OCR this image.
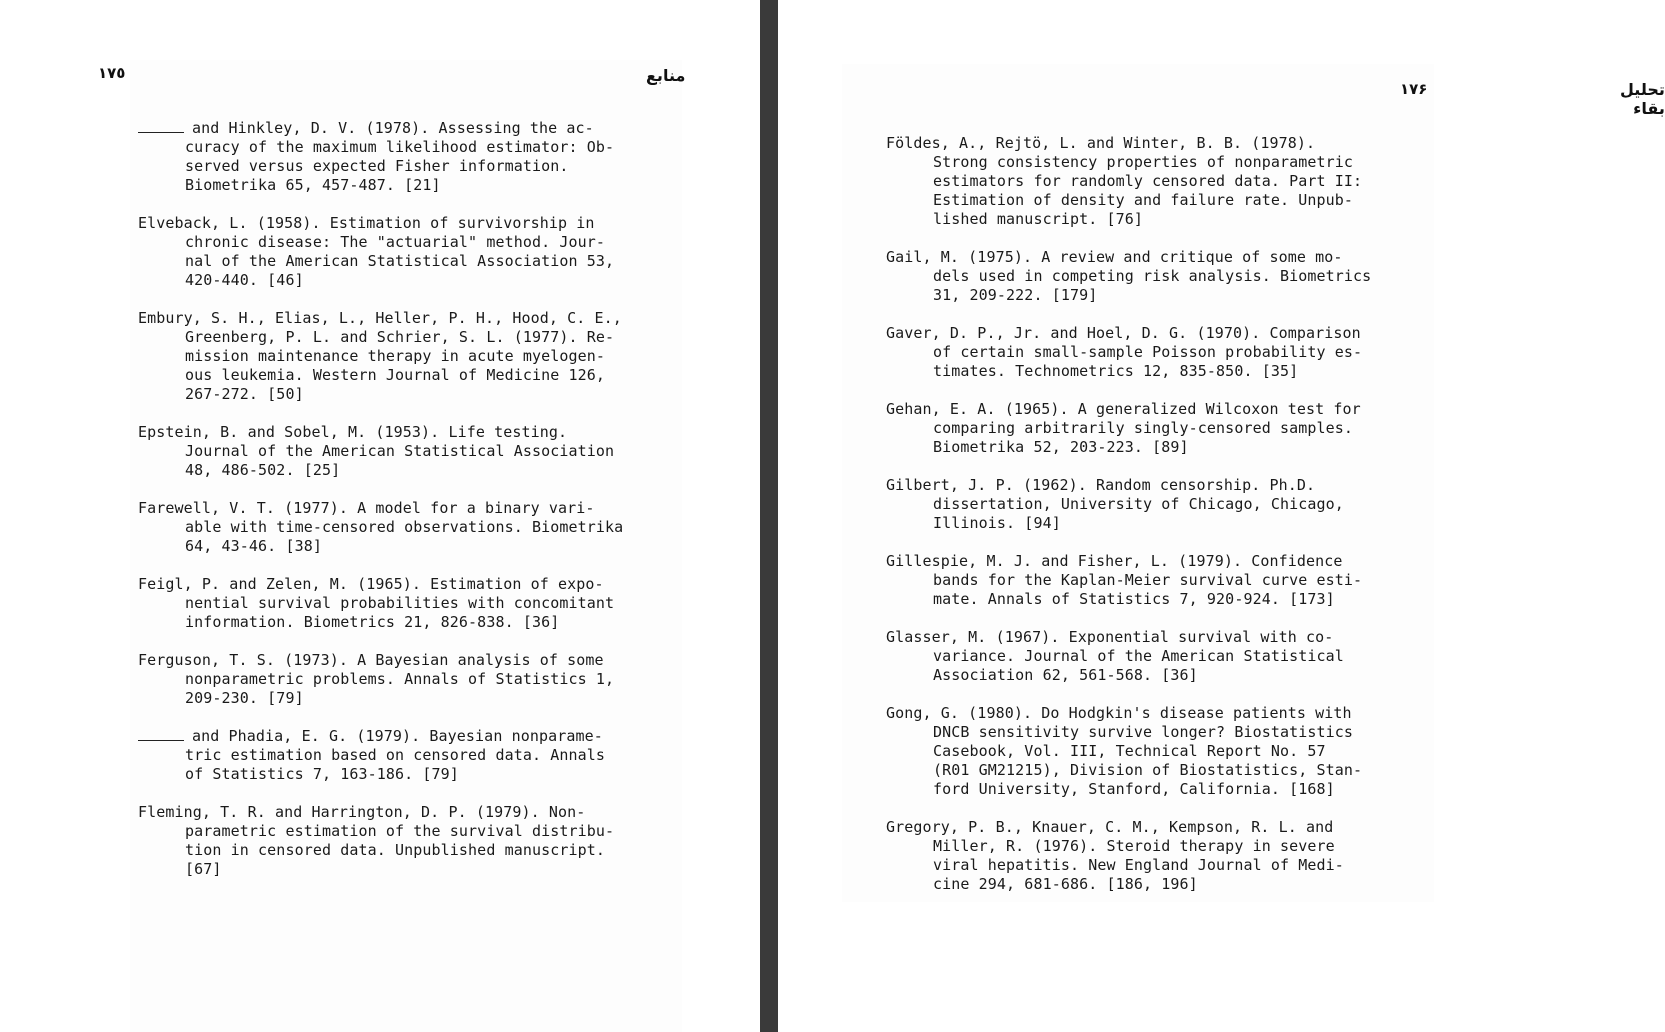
١٧٥	منابع
and Hinkley, D. V. (1978). Assessing the ac-
curacy of the maximum likelihood estimator: Ob-
served versus expected Fisher information.
Biometrika 65, 457-487. [21]
Elveback, L. (1958). Estimation of survivorship in
chronic disease: The "actuarial" method. Jour-
nal of the American Statistical Association 53,
420-440. [46]
Embury, S. H., Elias, L., Heller, P. H., Hood, C. E.,
Greenberg, P. L. and Schrier, S. L. (1977). Re-
mission maintenance therapy in acute myelogen-
ous leukemia. Western Journal of Medicine 126,
267-272. [50]
Epstein, B. and Sobel, M. (1953). Life testing.
Journal of the American Statistical Association
48, 486-502. [25]
Farewell, V. T. (1977). A model for a binary vari-
able with time-censored observations. Biometrika
64, 43-46. [38]
Feigl, P. and Zelen, M. (1965). Estimation of expo-
nential survival probabilities with concomitant
information. Biometrics 21, 826-838. [36]
Ferguson, T. S. (1973). A Bayesian analysis of some
nonparametric problems. Annals of Statistics 1,
209-230. [79]
and Phadia, E. G. (1979). Bayesian nonparame-
tric estimation based on censored data. Annals
of Statistics 7, 163-186. [79]
Fleming, T. R. and Harrington, D. P. (1979). Non-
parametric estimation of the survival distribu-
tion in censored data. Unpublished manuscript.
[67]
١٧۶	تحلیل بقاء
Földes, A., Rejtö, L. and Winter, B. B. (1978).
Strong consistency properties of nonparametric
estimators for randomly censored data. Part II:
Estimation of density and failure rate. Unpub-
lished manuscript. [76]
Gail, M. (1975). A review and critique of some mo-
dels used in competing risk analysis. Biometrics
31, 209-222. [179]
Gaver, D. P., Jr. and Hoel, D. G. (1970). Comparison
of certain small-sample Poisson probability es-
timates. Technometrics 12, 835-850. [35]
Gehan, E. A. (1965). A generalized Wilcoxon test for
comparing arbitrarily singly-censored samples.
Biometrika 52, 203-223. [89]
Gilbert, J. P. (1962). Random censorship. Ph.D.
dissertation, University of Chicago, Chicago,
Illinois. [94]
Gillespie, M. J. and Fisher, L. (1979). Confidence
bands for the Kaplan-Meier survival curve esti-
mate. Annals of Statistics 7, 920-924. [173]
Glasser, M. (1967). Exponential survival with co-
variance. Journal of the American Statistical
Association 62, 561-568. [36]
Gong, G. (1980). Do Hodgkin's disease patients with
DNCB sensitivity survive longer? Biostatistics
Casebook, Vol. III, Technical Report No. 57
(R01 GM21215), Division of Biostatistics, Stan-
ford University, Stanford, California. [168]
Gregory, P. B., Knauer, C. M., Kempson, R. L. and
Miller, R. (1976). Steroid therapy in severe
viral hepatitis. New England Journal of Medi-
cine 294, 681-686. [186, 196]
